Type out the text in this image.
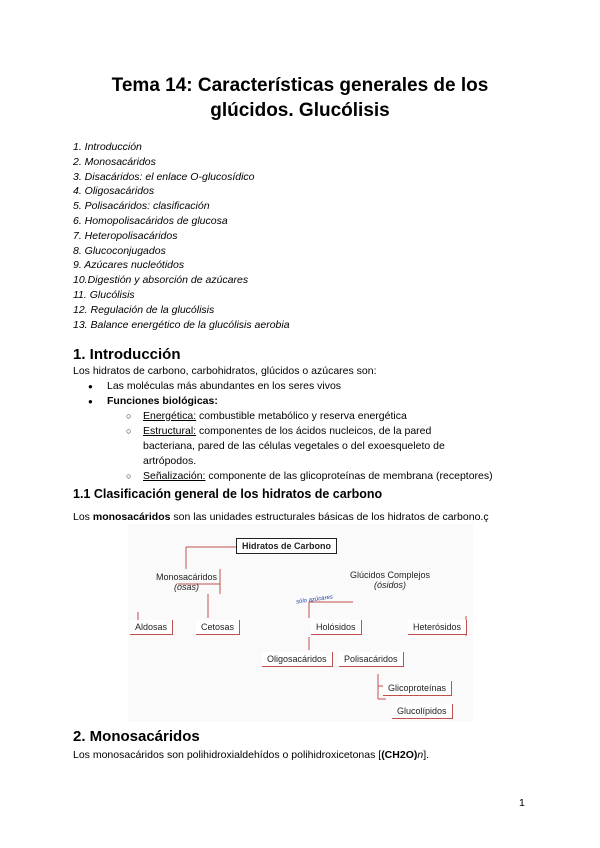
Tema 14: Características generales de los
glúcidos. Glucólisis
1. Introducción
2. Monosacáridos
3. Disacáridos: el enlace O-glucosídico
4. Oligosacáridos
5. Polisacáridos: clasificación
6. Homopolisacáridos de glucosa
7. Heteropolisacáridos
8. Glucoconjugados
9. Azúcares nucleótidos
10.Digestión y absorción de azúcares
11. Glucólisis
12. Regulación de la glucólisis
13. Balance energético de la glucólisis aerobia
1. Introducción
Los hidratos de carbono, carbohidratos, glúcidos o azúcares son:
● Las moléculas más abundantes en los seres vivos
● Funciones biológicas:
○ Energética: combustible metabólico y reserva energética
○ Estructural: componentes de los ácidos nucleicos, de la pared bacteriana, pared de las células vegetales o del exoesqueleto de artrópodos.
○ Señalización: componente de las glicoproteínas de membrana (receptores)
1.1 Clasificación general de los hidratos de carbono
Los monosacáridos son las unidades estructurales básicas de los hidratos de carbono.ç
Hidratos de Carbono
Monosacáridos
(osas)
Glúcidos Complejos
(ósidos)
sólo azúcares
Aldosas	Cetosas	Holósidos	Heterósidos
Oligosacáridos	Polisacáridos
Glicoproteínas
Glucolípidos
2. Monosacáridos
Los monosacáridos son polihidroxialdehídos o polihidroxicetonas [(CH2O)n].
1
